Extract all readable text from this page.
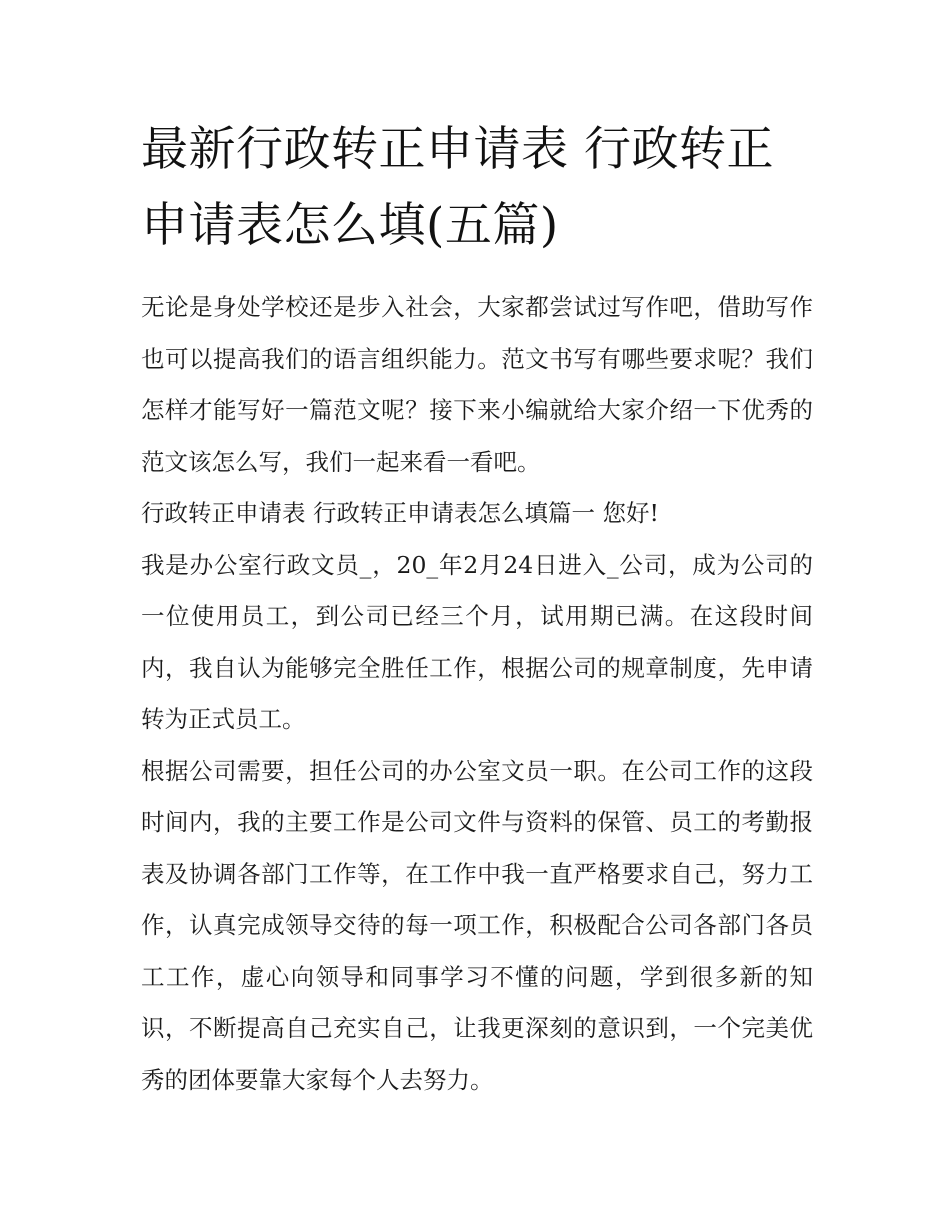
最新行政转正申请表 行政转正申请表怎么填(五篇)

无论是身处学校还是步入社会，大家都尝试过写作吧，借助写作也可以提高我们的语言组织能力。范文书写有哪些要求呢？我们怎样才能写好一篇范文呢？接下来小编就给大家介绍一下优秀的范文该怎么写，我们一起来看一看吧。

行政转正申请表 行政转正申请表怎么填篇一 您好!

我是办公室行政文员_，20_年2月24日进入_公司，成为公司的一位使用员工，到公司已经三个月，试用期已满。在这段时间内，我自认为能够完全胜任工作，根据公司的规章制度，先申请转为正式员工。

根据公司需要，担任公司的办公室文员一职。在公司工作的这段时间内，我的主要工作是公司文件与资料的保管、员工的考勤报表及协调各部门工作等，在工作中我一直严格要求自己，努力工作，认真完成领导交待的每一项工作，积极配合公司各部门各员工工作，虚心向领导和同事学习不懂的问题，学到很多新的知识，不断提高自己充实自己，让我更深刻的意识到，一个完美优秀的团体要靠大家每个人去努力。
